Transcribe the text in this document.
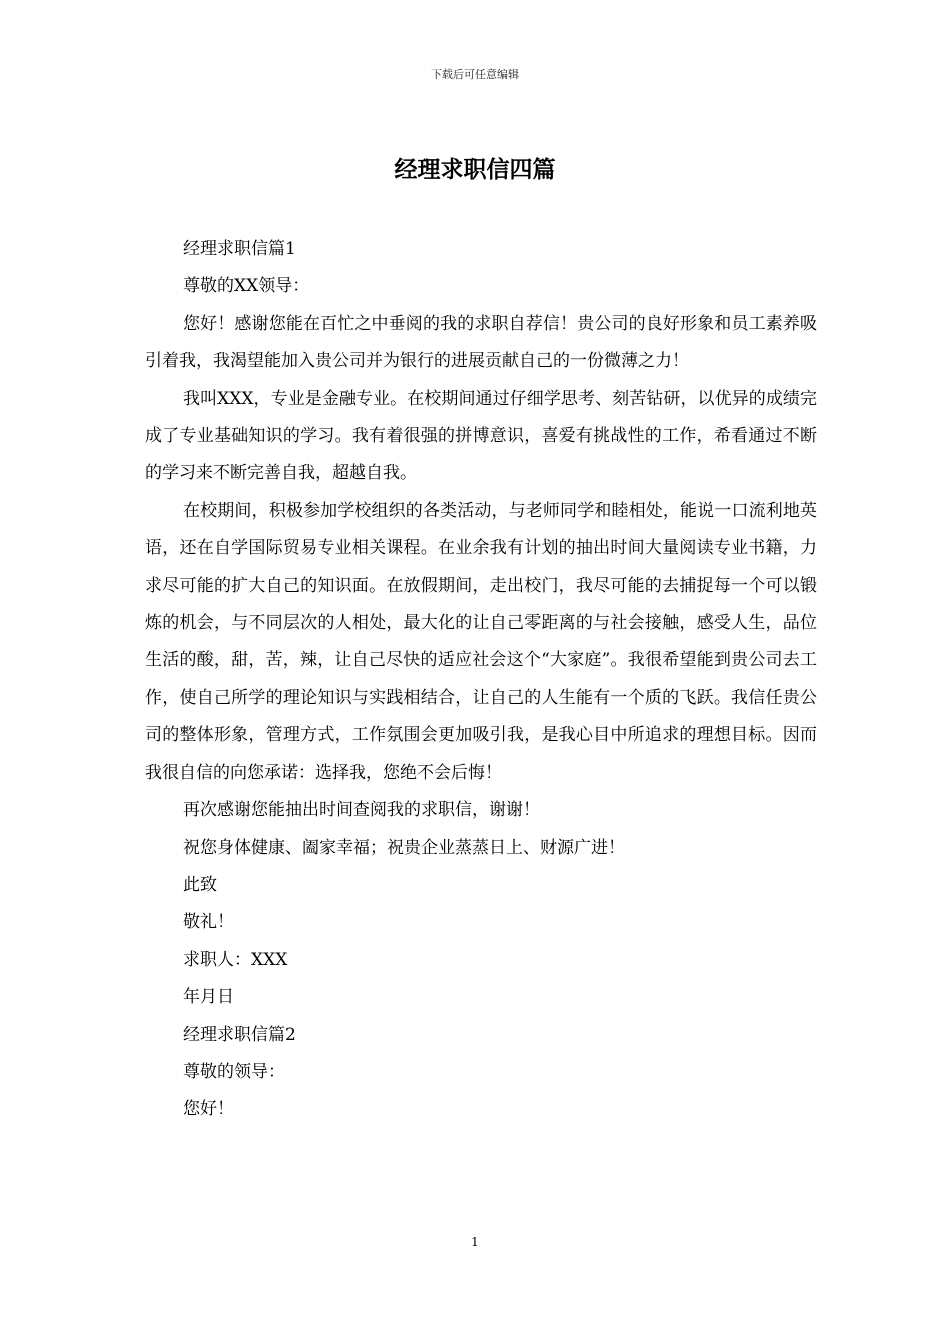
下载后可任意编辑
经理求职信四篇

经理求职信篇1

尊敬的XX领导：

您好！感谢您能在百忙之中垂阅的我的求职自荐信！贵公司的良好形象和员工素养吸引着我，我渴望能加入贵公司并为银行的进展贡献自己的一份微薄之力！

我叫XXX，专业是金融专业。在校期间通过仔细学思考、刻苦钻研，以优异的成绩完成了专业基础知识的学习。我有着很强的拼博意识，喜爱有挑战性的工作，希看通过不断的学习来不断完善自我，超越自我。

在校期间，积极参加学校组织的各类活动，与老师同学和睦相处，能说一口流利地英语，还在自学国际贸易专业相关课程。在业余我有计划的抽出时间大量阅读专业书籍，力求尽可能的扩大自己的知识面。在放假期间，走出校门，我尽可能的去捕捉每一个可以锻炼的机会，与不同层次的人相处，最大化的让自己零距离的与社会接触，感受人生，品位生活的酸，甜，苦，辣，让自己尽快的适应社会这个“大家庭”。我很希望能到贵公司去工作，使自己所学的理论知识与实践相结合，让自己的人生能有一个质的飞跃。我信任贵公司的整体形象，管理方式，工作氛围会更加吸引我，是我心目中所追求的理想目标。因而我很自信的向您承诺：选择我，您绝不会后悔！

再次感谢您能抽出时间查阅我的求职信，谢谢！

祝您身体健康、阖家幸福；祝贵企业蒸蒸日上、财源广进！

此致

敬礼！

求职人：XXX

年月日

经理求职信篇2

尊敬的领导：

您好！

1
